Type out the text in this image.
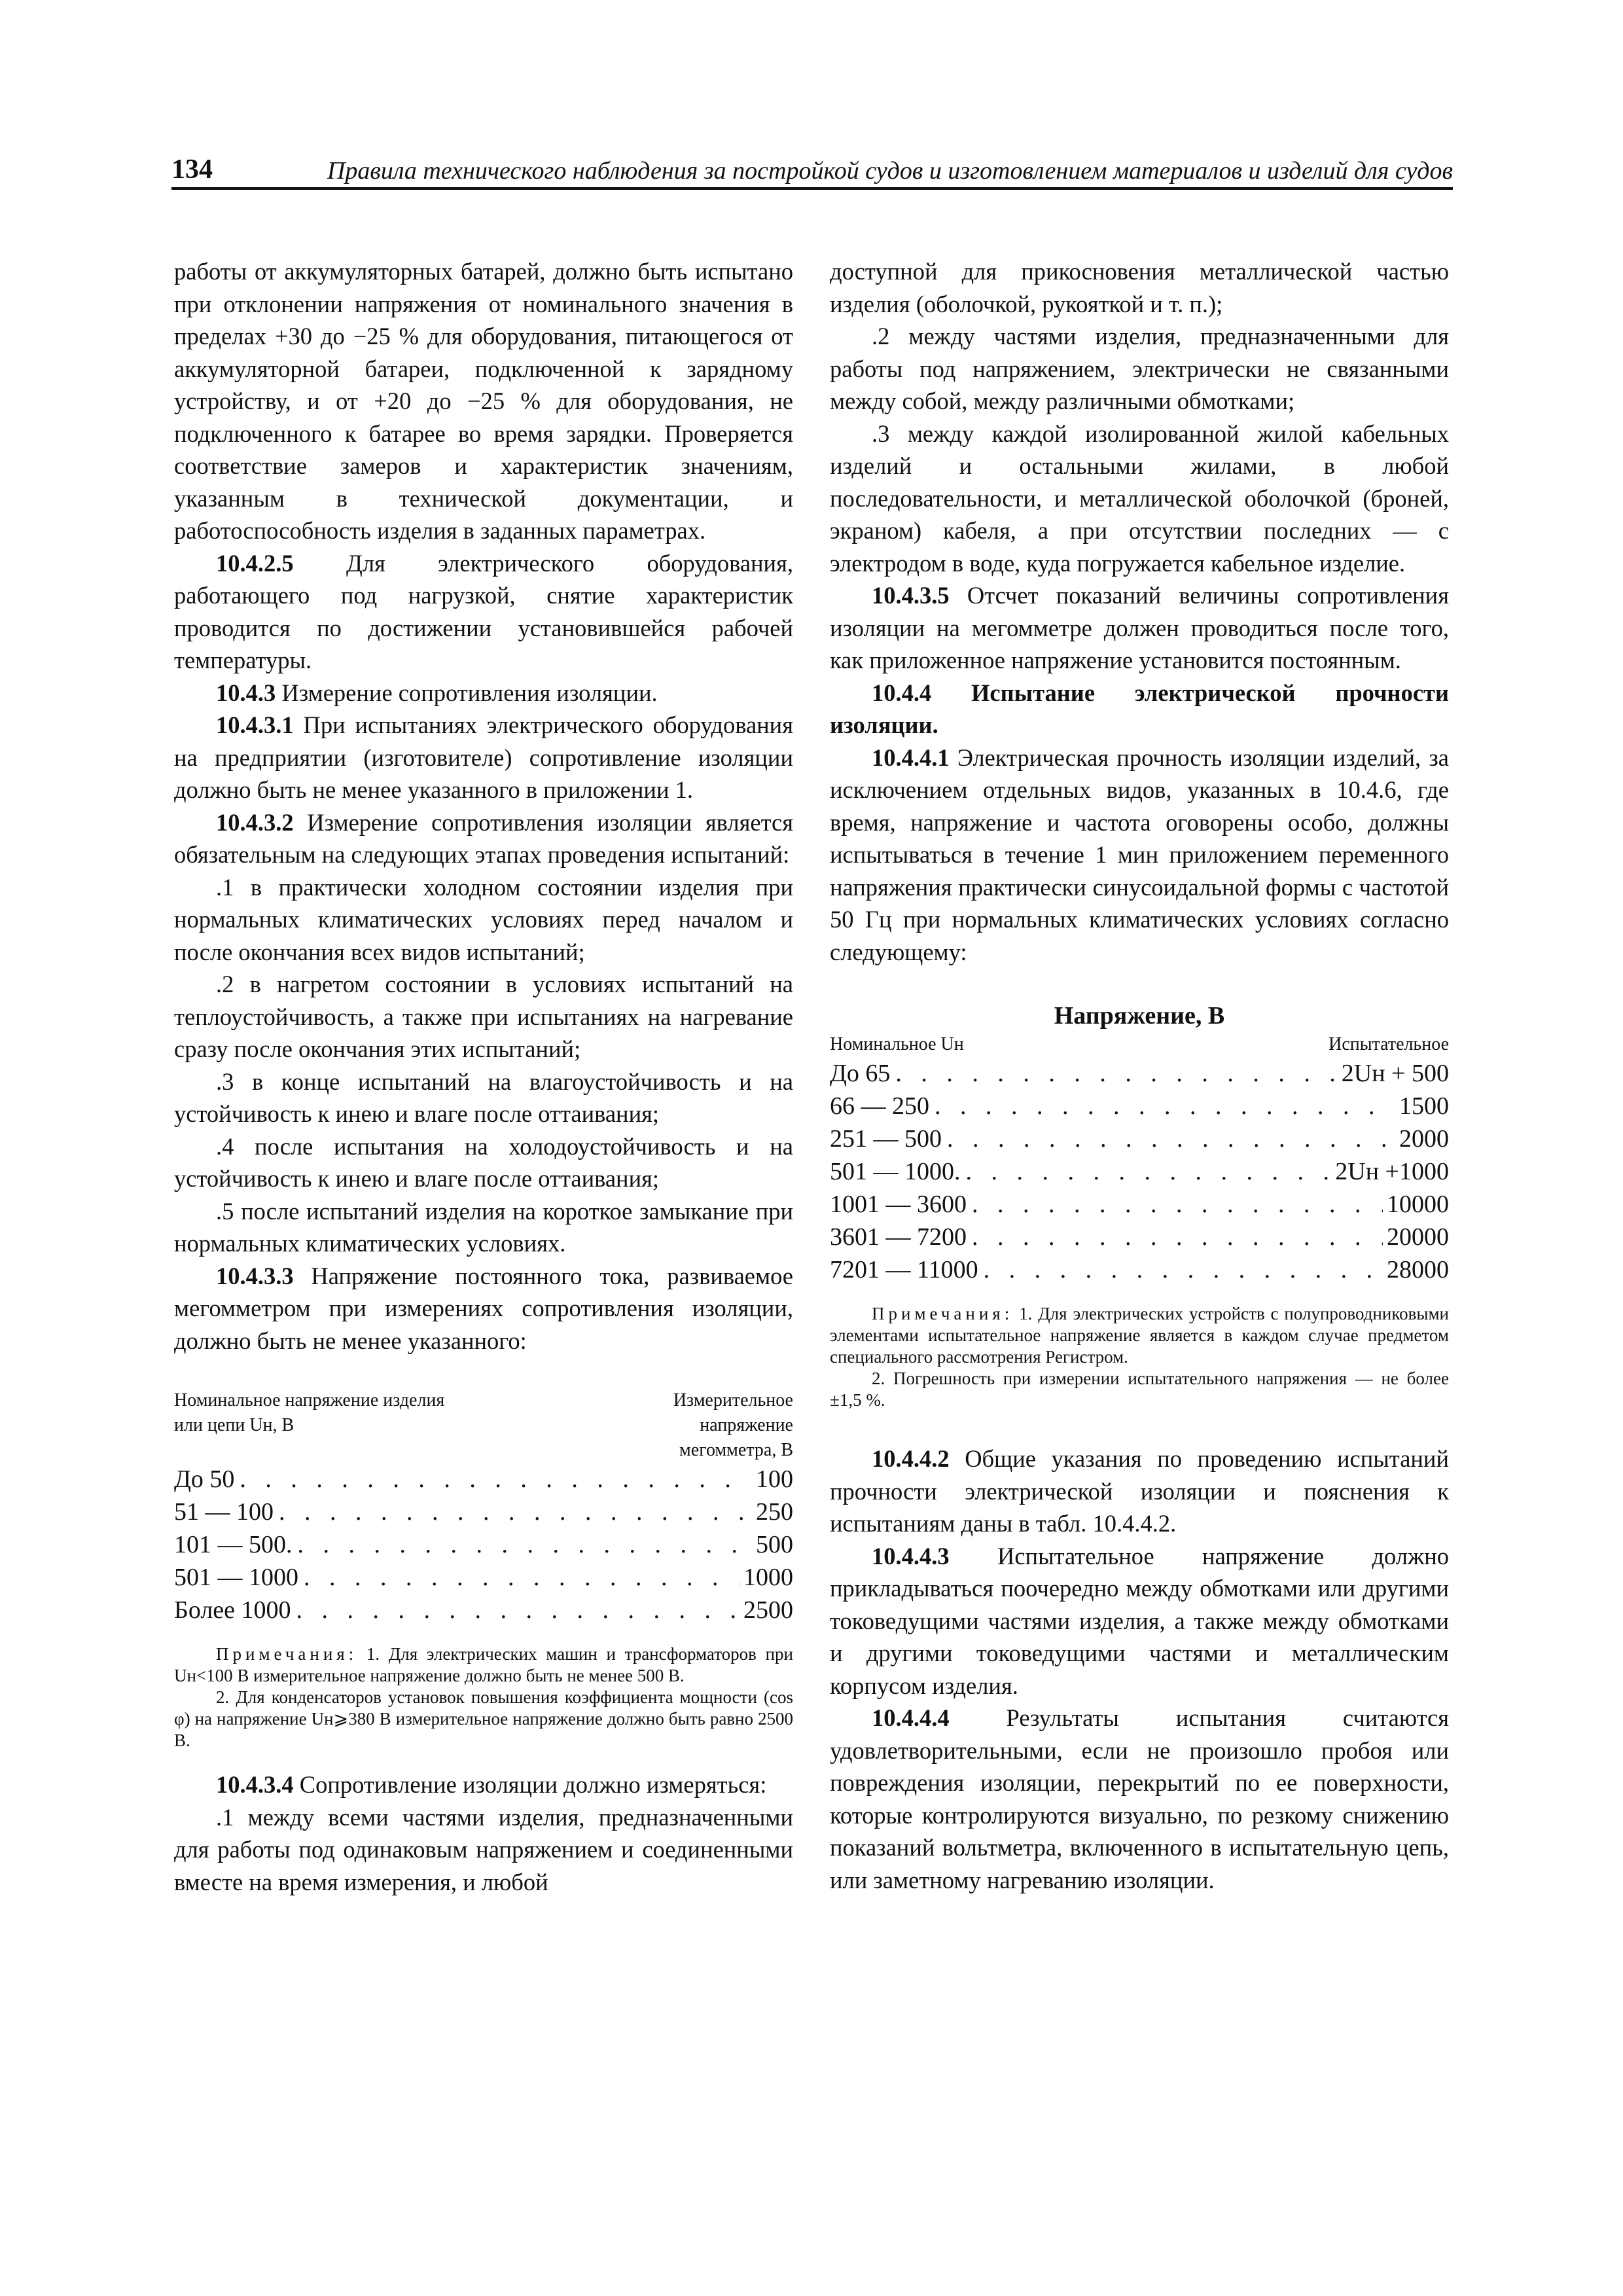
134	Правила технического наблюдения за постройкой судов и изготовлением материалов и изделий для судов

работы от аккумуляторных батарей, должно быть испытано при отклонении напряжения от номинального значения в пределах +30 до −25 % для оборудования, питающегося от аккумуляторной батареи, подключенной к зарядному устройству, и от +20 до −25 % для оборудования, не подключенного к батарее во время зарядки. Проверяется соответствие замеров и характеристик значениям, указанным в технической документации, и работоспособность изделия в заданных параметрах.

10.4.2.5 Для электрического оборудования, работающего под нагрузкой, снятие характеристик проводится по достижении установившейся рабочей температуры.

10.4.3 Измерение сопротивления изоляции.

10.4.3.1 При испытаниях электрического оборудования на предприятии (изготовителе) сопротивление изоляции должно быть не менее указанного в приложении 1.

10.4.3.2 Измерение сопротивления изоляции является обязательным на следующих этапах проведения испытаний:

.1 в практически холодном состоянии изделия при нормальных климатических условиях перед началом и после окончания всех видов испытаний;

.2 в нагретом состоянии в условиях испытаний на теплоустойчивость, а также при испытаниях на нагревание сразу после окончания этих испытаний;

.3 в конце испытаний на влагоустойчивость и на устойчивость к инею и влаге после оттаивания;

.4 после испытания на холодоустойчивость и на устойчивость к инею и влаге после оттаивания;

.5 после испытаний изделия на короткое замыкание при нормальных климатических условиях.

10.4.3.3 Напряжение постоянного тока, развиваемое мегомметром при измерениях сопротивления изоляции, должно быть не менее указанного:

Номинальное напряжение изделия или цепи Uн, В
Измерительное напряжение мегомметра, В
До 50 . . .	100
51 — 100 . . .	250
101 — 500. . . .	500
501 — 1000 . . .	1000
Более 1000 . . .	2500

Примечания: 1. Для электрических машин и трансформаторов при Uн<100 В измерительное напряжение должно быть не менее 500 В.

2. Для конденсаторов установок повышения коэффициента мощности (cos φ) на напряжение Uн⩾380 В измерительное напряжение должно быть равно 2500 В.

10.4.3.4 Сопротивление изоляции должно измеряться:

.1 между всеми частями изделия, предназначенными для работы под одинаковым напряжением и соединенными вместе на время измерения, и любой

доступной для прикосновения металлической частью изделия (оболочкой, рукояткой и т. п.);

.2 между частями изделия, предназначенными для работы под напряжением, электрически не связанными между собой, между различными обмотками;

.3 между каждой изолированной жилой кабельных изделий и остальными жилами, в любой последовательности, и металлической оболочкой (броней, экраном) кабеля, а при отсутствии последних — с электродом в воде, куда погружается кабельное изделие.

10.4.3.5 Отсчет показаний величины сопротивления изоляции на мегомметре должен проводиться после того, как приложенное напряжение установится постоянным.

10.4.4 Испытание электрической прочности изоляции.

10.4.4.1 Электрическая прочность изоляции изделий, за исключением отдельных видов, указанных в 10.4.6, где время, напряжение и частота оговорены особо, должны испытываться в течение 1 мин приложением переменного напряжения практически синусоидальной формы с частотой 50 Гц при нормальных климатических условиях согласно следующему:

Напряжение, В
Номинальное Uн	Испытательное
До 65 . . .	2Uн + 500
66 — 250 . . .	1500
251 — 500 . . .	2000
501 — 1000. . . .	2Uн +1000
1001 — 3600 . . .	10000
3601 — 7200 . . .	20000
7201 — 11000 . . .	28000

Примечания: 1. Для электрических устройств с полупроводниковыми элементами испытательное напряжение является в каждом случае предметом специального рассмотрения Регистром.

2. Погрешность при измерении испытательного напряжения — не более ±1,5 %.

10.4.4.2 Общие указания по проведению испытаний прочности электрической изоляции и пояснения к испытаниям даны в табл. 10.4.4.2.

10.4.4.3 Испытательное напряжение должно прикладываться поочередно между обмотками или другими токоведущими частями изделия, а также между обмотками и другими токоведущими частями и металлическим корпусом изделия.

10.4.4.4 Результаты испытания считаются удовлетворительными, если не произошло пробоя или повреждения изоляции, перекрытий по ее поверхности, которые контролируются визуально, по резкому снижению показаний вольтметра, включенного в испытательную цепь, или заметному нагреванию изоляции.
